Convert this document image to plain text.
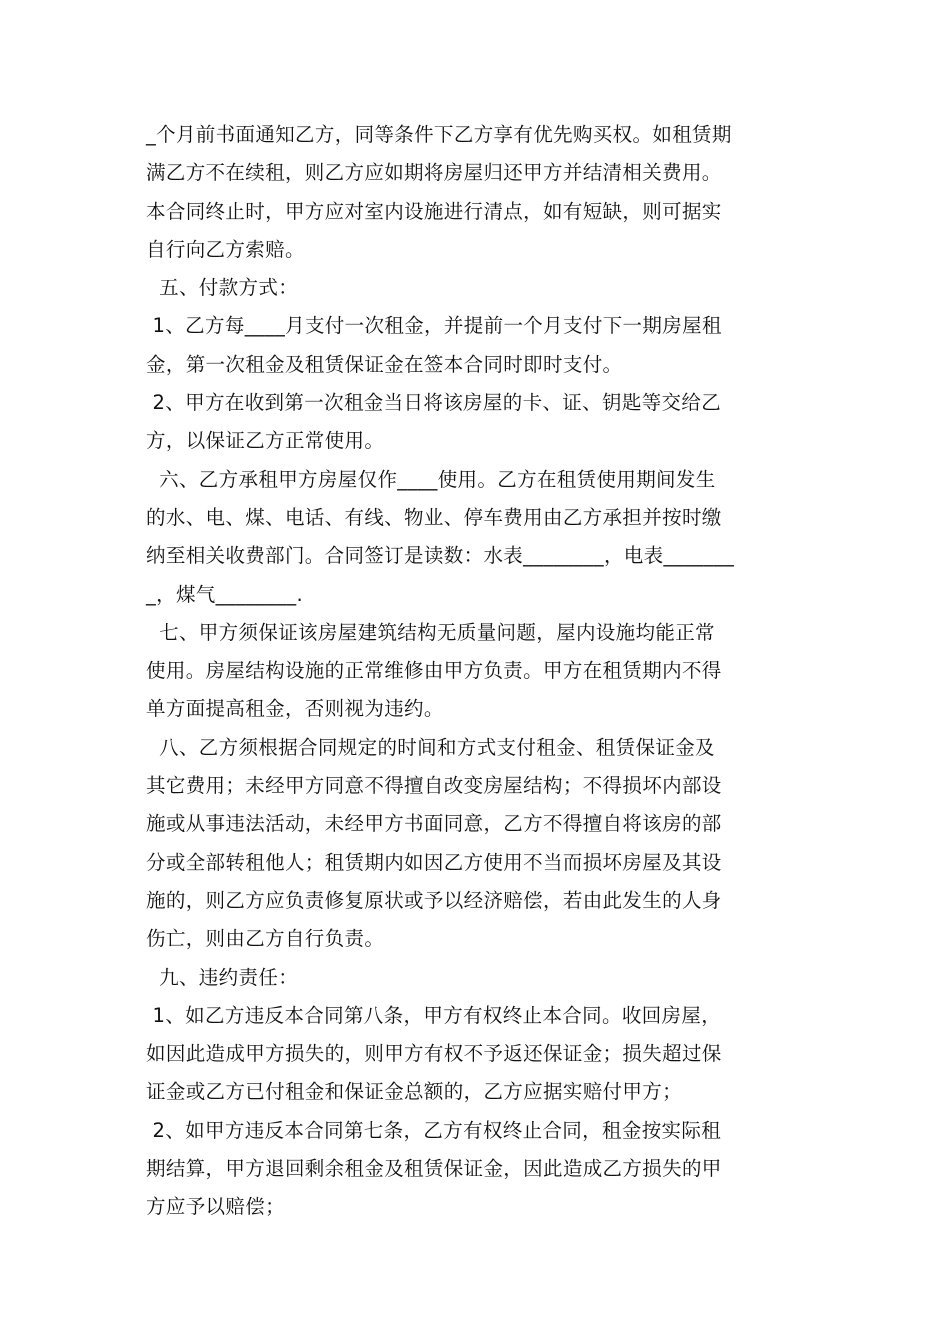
_个月前书面通知乙方，同等条件下乙方享有优先购买权。如租赁期
满乙方不在续租，则乙方应如期将房屋归还甲方并结清相关费用。
本合同终止时，甲方应对室内设施进行清点，如有短缺，则可据实
自行向乙方索赔。
五、付款方式：
1、乙方每____月支付一次租金，并提前一个月支付下一期房屋租
金，第一次租金及租赁保证金在签本合同时即时支付。
2、甲方在收到第一次租金当日将该房屋的卡、证、钥匙等交给乙
方，以保证乙方正常使用。
六、乙方承租甲方房屋仅作____使用。乙方在租赁使用期间发生
的水、电、煤、电话、有线、物业、停车费用由乙方承担并按时缴
纳至相关收费部门。合同签订是读数：水表________，电表_______
_，煤气________.
七、甲方须保证该房屋建筑结构无质量问题，屋内设施均能正常
使用。房屋结构设施的正常维修由甲方负责。甲方在租赁期内不得
单方面提高租金，否则视为违约。
八、乙方须根据合同规定的时间和方式支付租金、租赁保证金及
其它费用；未经甲方同意不得擅自改变房屋结构；不得损坏内部设
施或从事违法活动，未经甲方书面同意，乙方不得擅自将该房的部
分或全部转租他人；租赁期内如因乙方使用不当而损坏房屋及其设
施的，则乙方应负责修复原状或予以经济赔偿，若由此发生的人身
伤亡，则由乙方自行负责。
九、违约责任：
1、如乙方违反本合同第八条，甲方有权终止本合同。收回房屋，
如因此造成甲方损失的，则甲方有权不予返还保证金；损失超过保
证金或乙方已付租金和保证金总额的，乙方应据实赔付甲方；
2、如甲方违反本合同第七条，乙方有权终止合同，租金按实际租
期结算，甲方退回剩余租金及租赁保证金，因此造成乙方损失的甲
方应予以赔偿；
